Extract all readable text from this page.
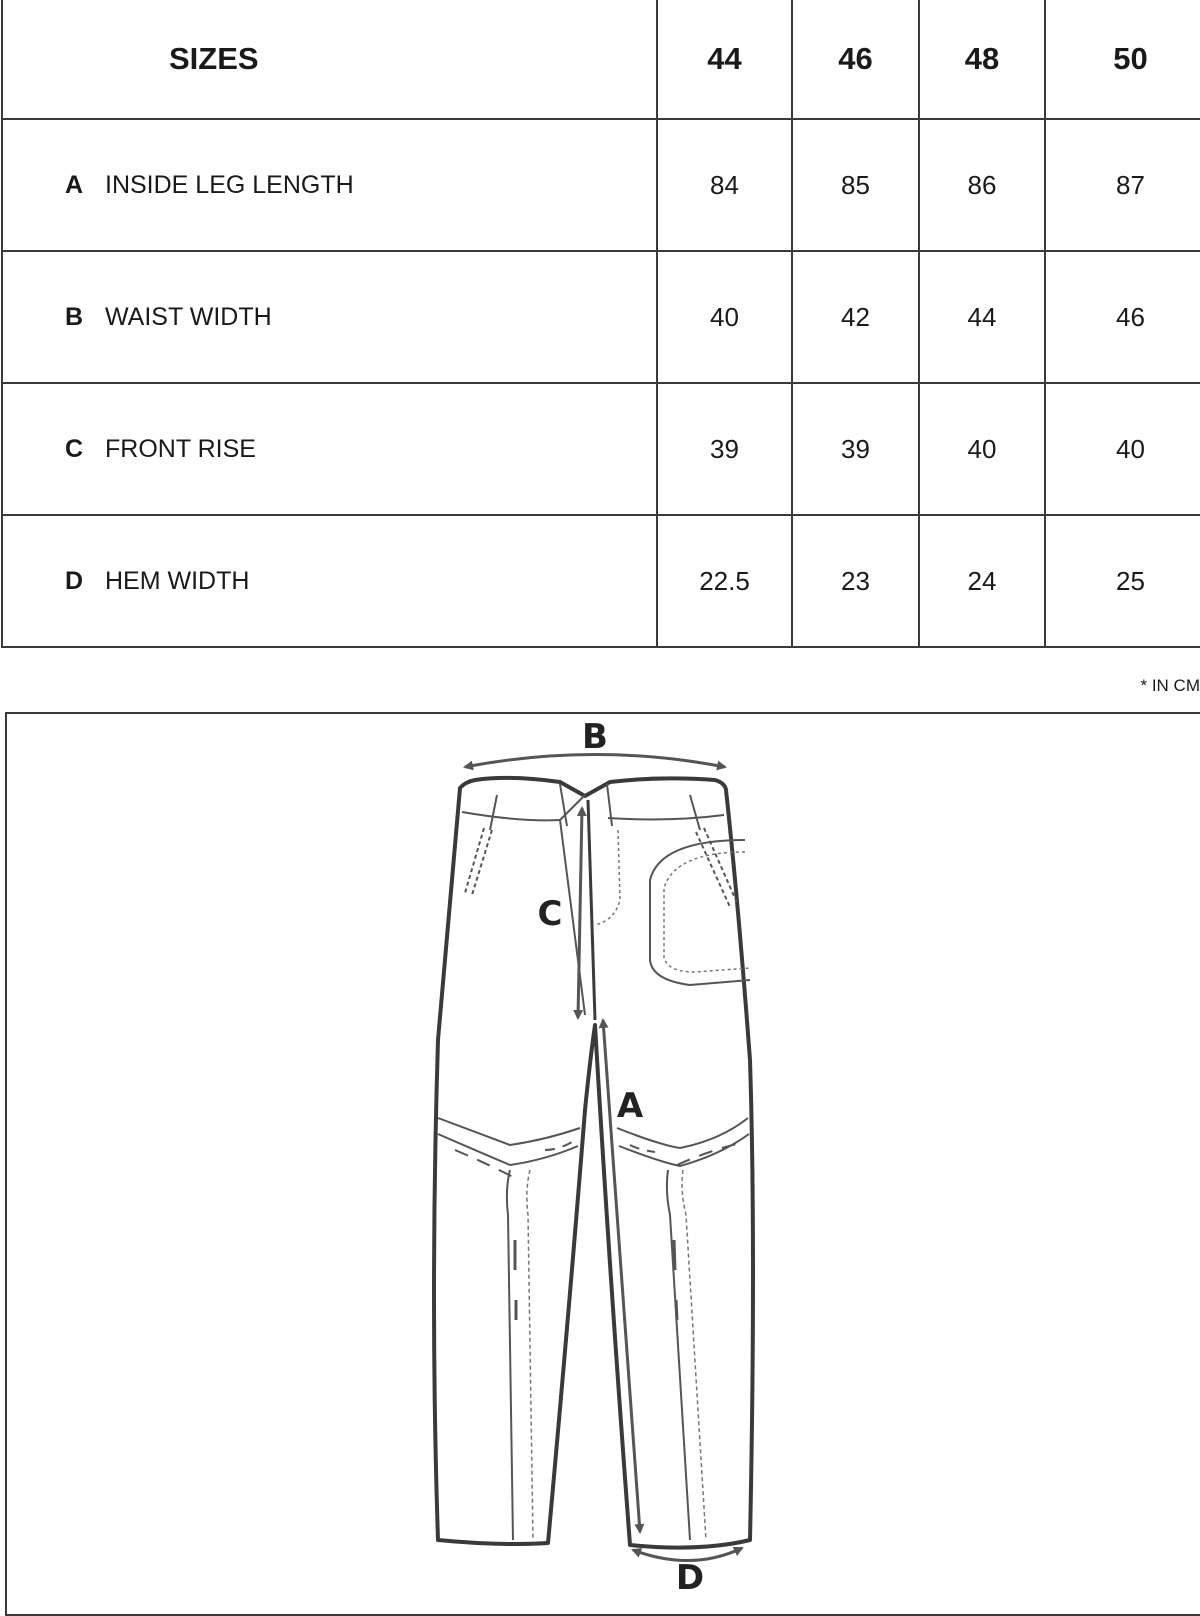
SIZES	44	46	48	50
A INSIDE LEG LENGTH	84	85	86	87
B WAIST WIDTH	40	42	44	46
C FRONT RISE	39	39	40	40
D HEM WIDTH	22.5	23	24	25
* IN CM
B
C
A
D
